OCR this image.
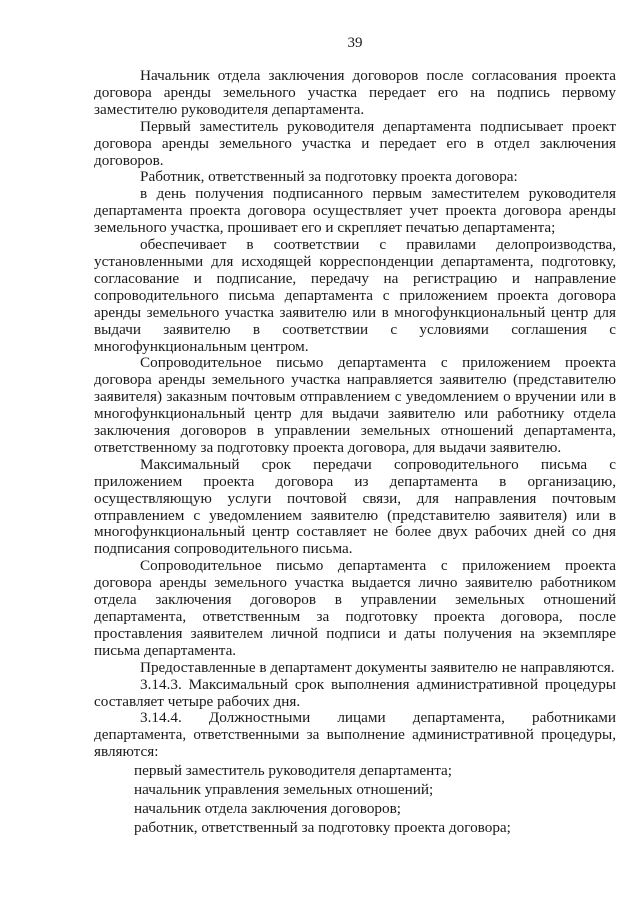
39

Начальник отдела заключения договоров после согласования проекта договора аренды земельного участка передает его на подпись первому заместителю руководителя департамента.

Первый заместитель руководителя департамента подписывает проект договора аренды земельного участка и передает его в отдел заключения договоров.

Работник, ответственный за подготовку проекта договора:

в день получения подписанного первым заместителем руководителя департамента проекта договора осуществляет учет проекта договора аренды земельного участка, прошивает его и скрепляет печатью департамента;

обеспечивает в соответствии с правилами делопроизводства, установленными для исходящей корреспонденции департамента, подготовку, согласование и подписание, передачу на регистрацию и направление сопроводительного письма департамента с приложением проекта договора аренды земельного участка заявителю или в многофункциональный центр для выдачи заявителю в соответствии с условиями соглашения с многофункциональным центром.

Сопроводительное письмо департамента с приложением проекта договора аренды земельного участка направляется заявителю (представителю заявителя) заказным почтовым отправлением с уведомлением о вручении или в многофункциональный центр для выдачи заявителю или работнику отдела заключения договоров в управлении земельных отношений департамента, ответственному за подготовку проекта договора, для выдачи заявителю.

Максимальный срок передачи сопроводительного письма с приложением проекта договора из департамента в организацию, осуществляющую услуги почтовой связи, для направления почтовым отправлением с уведомлением заявителю (представителю заявителя) или в многофункциональный центр составляет не более двух рабочих дней со дня подписания сопроводительного письма.

Сопроводительное письмо департамента с приложением проекта договора аренды земельного участка выдается лично заявителю работником отдела заключения договоров в управлении земельных отношений департамента, ответственным за подготовку проекта договора, после проставления заявителем личной подписи и даты получения на экземпляре письма департамента.

Предоставленные в департамент документы заявителю не направляются.

3.14.3. Максимальный срок выполнения административной процедуры составляет четыре рабочих дня.

3.14.4. Должностными лицами департамента, работниками департамента, ответственными за выполнение административной процедуры, являются:

первый заместитель руководителя департамента;

начальник управления земельных отношений;

начальник отдела заключения договоров;

работник, ответственный за подготовку проекта договора;
